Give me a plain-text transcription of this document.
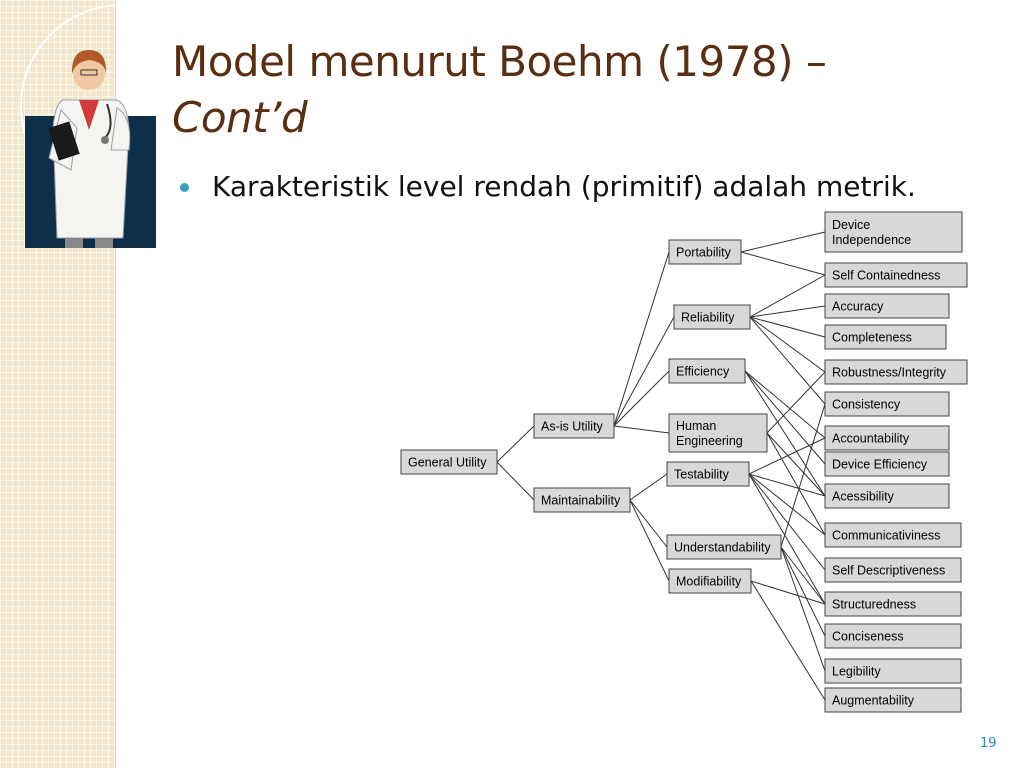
Model menurut Boehm (1978) –
Cont’d
Karakteristik level rendah (primitif) adalah metrik.
General Utility
As-is Utility
Maintainability
Portability
Reliability
Efficiency
Human
Engineering
Testability
Understandability
Modifiability
Device
Independence
Self Containedness
Accuracy
Completeness
Robustness/Integrity
Consistency
Accountability
Device Efficiency
Acessibility
Communicativiness
Self Descriptiveness
Structuredness
Conciseness
Legibility
Augmentability
19
